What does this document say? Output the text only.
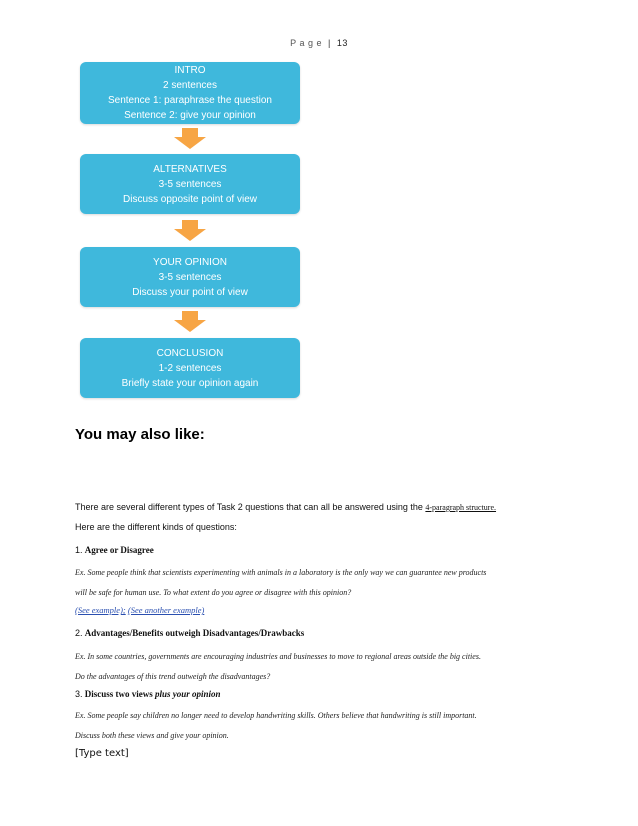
P a g e | 13
INTRO
2 sentences
Sentence 1: paraphrase the question
Sentence 2: give your opinion
ALTERNATIVES
3-5 sentences
Discuss opposite point of view
YOUR OPINION
3-5 sentences
Discuss your point of view
CONCLUSION
1-2 sentences
Briefly state your opinion again
You may also like:
There are several different types of Task 2 questions that can all be answered using the 4-paragraph structure.
Here are the different kinds of questions:
1. Agree or Disagree
Ex. Some people think that scientists experimenting with animals in a laboratory is the only way we can guarantee new products
will be safe for human use. To what extent do you agree or disagree with this opinion?
(See example); (See another example)
2. Advantages/Benefits outweigh Disadvantages/Drawbacks
Ex. In some countries, governments are encouraging industries and businesses to move to regional areas outside the big cities.
Do the advantages of this trend outweigh the disadvantages?
3. Discuss two views plus your opinion
Ex. Some people say children no longer need to develop handwriting skills. Others believe that handwriting is still important.
Discuss both these views and give your opinion.
[Type text]
